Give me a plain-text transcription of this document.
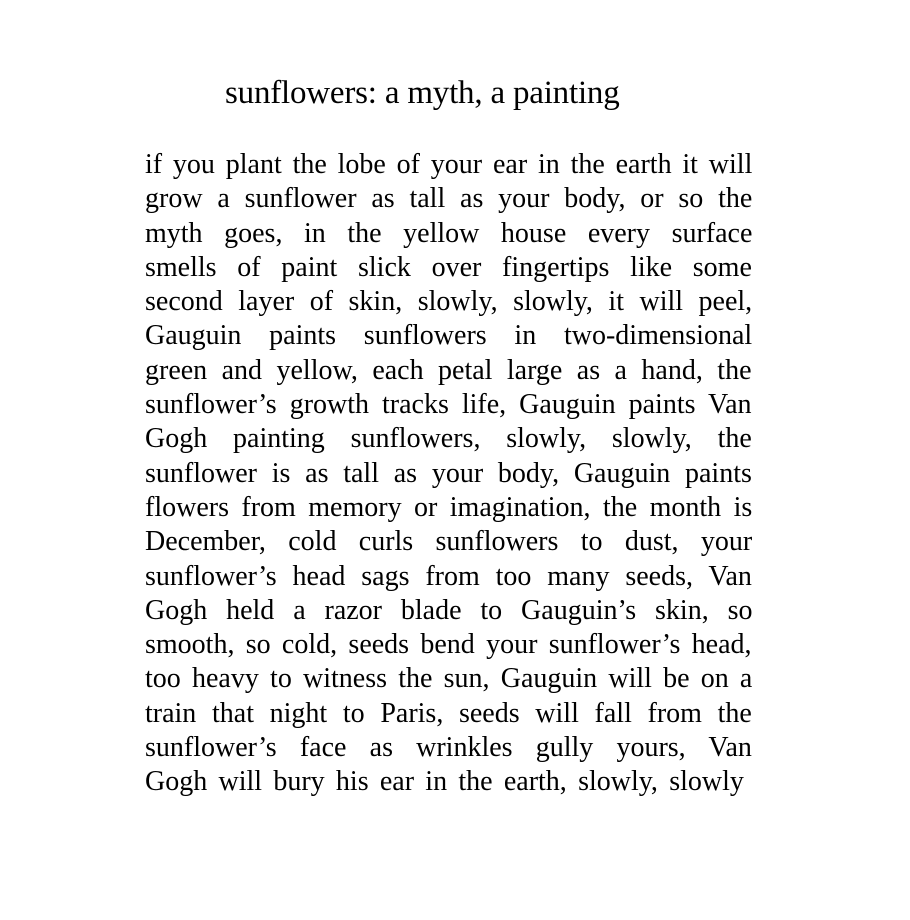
sunflowers: a myth, a painting
if you plant the lobe of your ear in the earth it will
grow a sunflower as tall as your body, or so the
myth goes, in the yellow house every surface
smells of paint slick over fingertips like some
second layer of skin, slowly, slowly, it will peel,
Gauguin paints sunflowers in two-dimensional
green and yellow, each petal large as a hand, the
sunflower’s growth tracks life, Gauguin paints Van
Gogh painting sunflowers, slowly, slowly, the
sunflower is as tall as your body, Gauguin paints
flowers from memory or imagination, the month is
December, cold curls sunflowers to dust, your
sunflower’s head sags from too many seeds, Van
Gogh held a razor blade to Gauguin’s skin, so
smooth, so cold, seeds bend your sunflower’s head,
too heavy to witness the sun, Gauguin will be on a
train that night to Paris, seeds will fall from the
sunflower’s face as wrinkles gully yours, Van
Gogh will bury his ear in the earth, slowly, slowly
